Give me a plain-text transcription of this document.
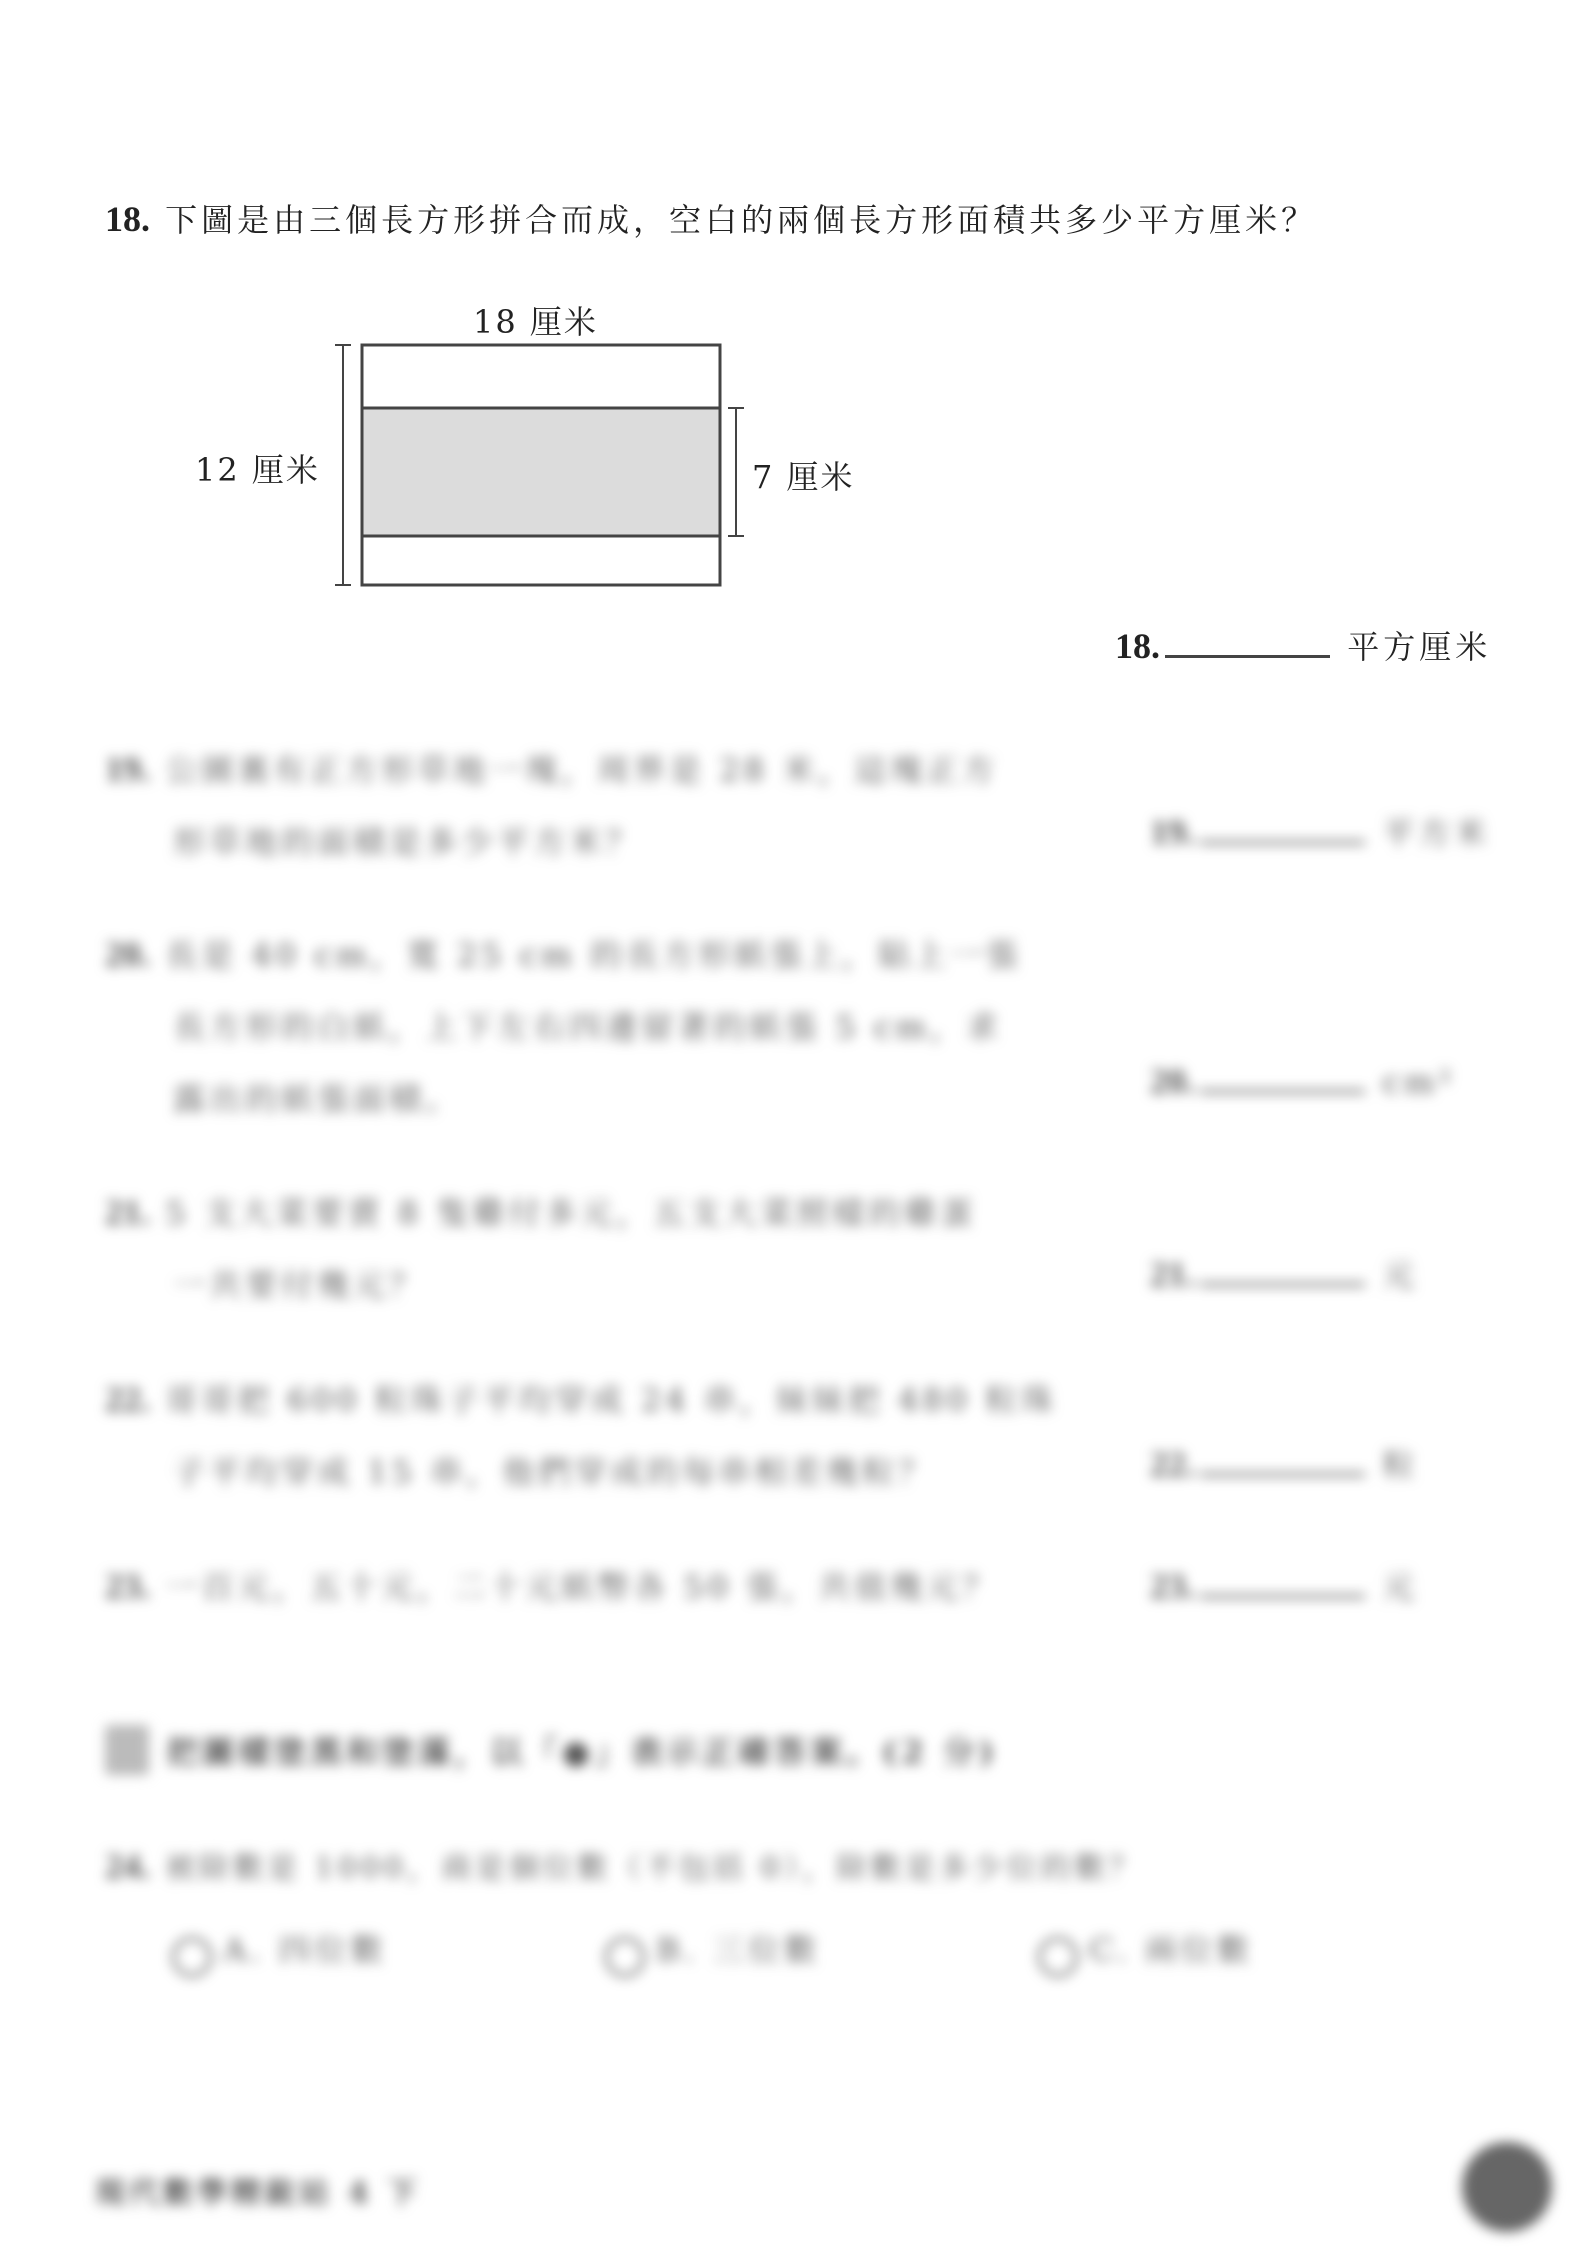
18. 下圖是由三個長方形拼合而成，空白的兩個長方形面積共多少平方厘米？
18 厘米
12 厘米	7 厘米
18.	平方厘米
19. 公園裏有正方形草地一塊，周界是 28 米，這塊正方
形草地的面積是多少平方米？	19.	平方米
20. 長是 40 cm，寬 25 cm 的長方形紙張上，貼上一張
長方形的白紙，上下左右四邊留著的紙張 5 cm，求
露出的紙張面積。	20.	cm²
21. 5 支大菜要賣 8 隻雞付多元，五支大菜照樣的雞蛋
一共要付幾元？	21.	元
22. 哥哥把 600 粒珠子平均穿成 24 串，妹妹把 480 粒珠
子平均穿成 15 串，他們穿成的每串相差幾粒？	22.	粒
23. 一百元，五十元，二十元紙幣各 50 張，共值幾元？	23.	元
把圖樣塗黑和塗滿，以「●」表示正確答案。(2 分)
24. 被除數是 1000，商是個位數（不包括 0），除數是多少位的數？
A. 四位數	B. 三位數	C. 兩位數
現代數學精銳站 4 下
